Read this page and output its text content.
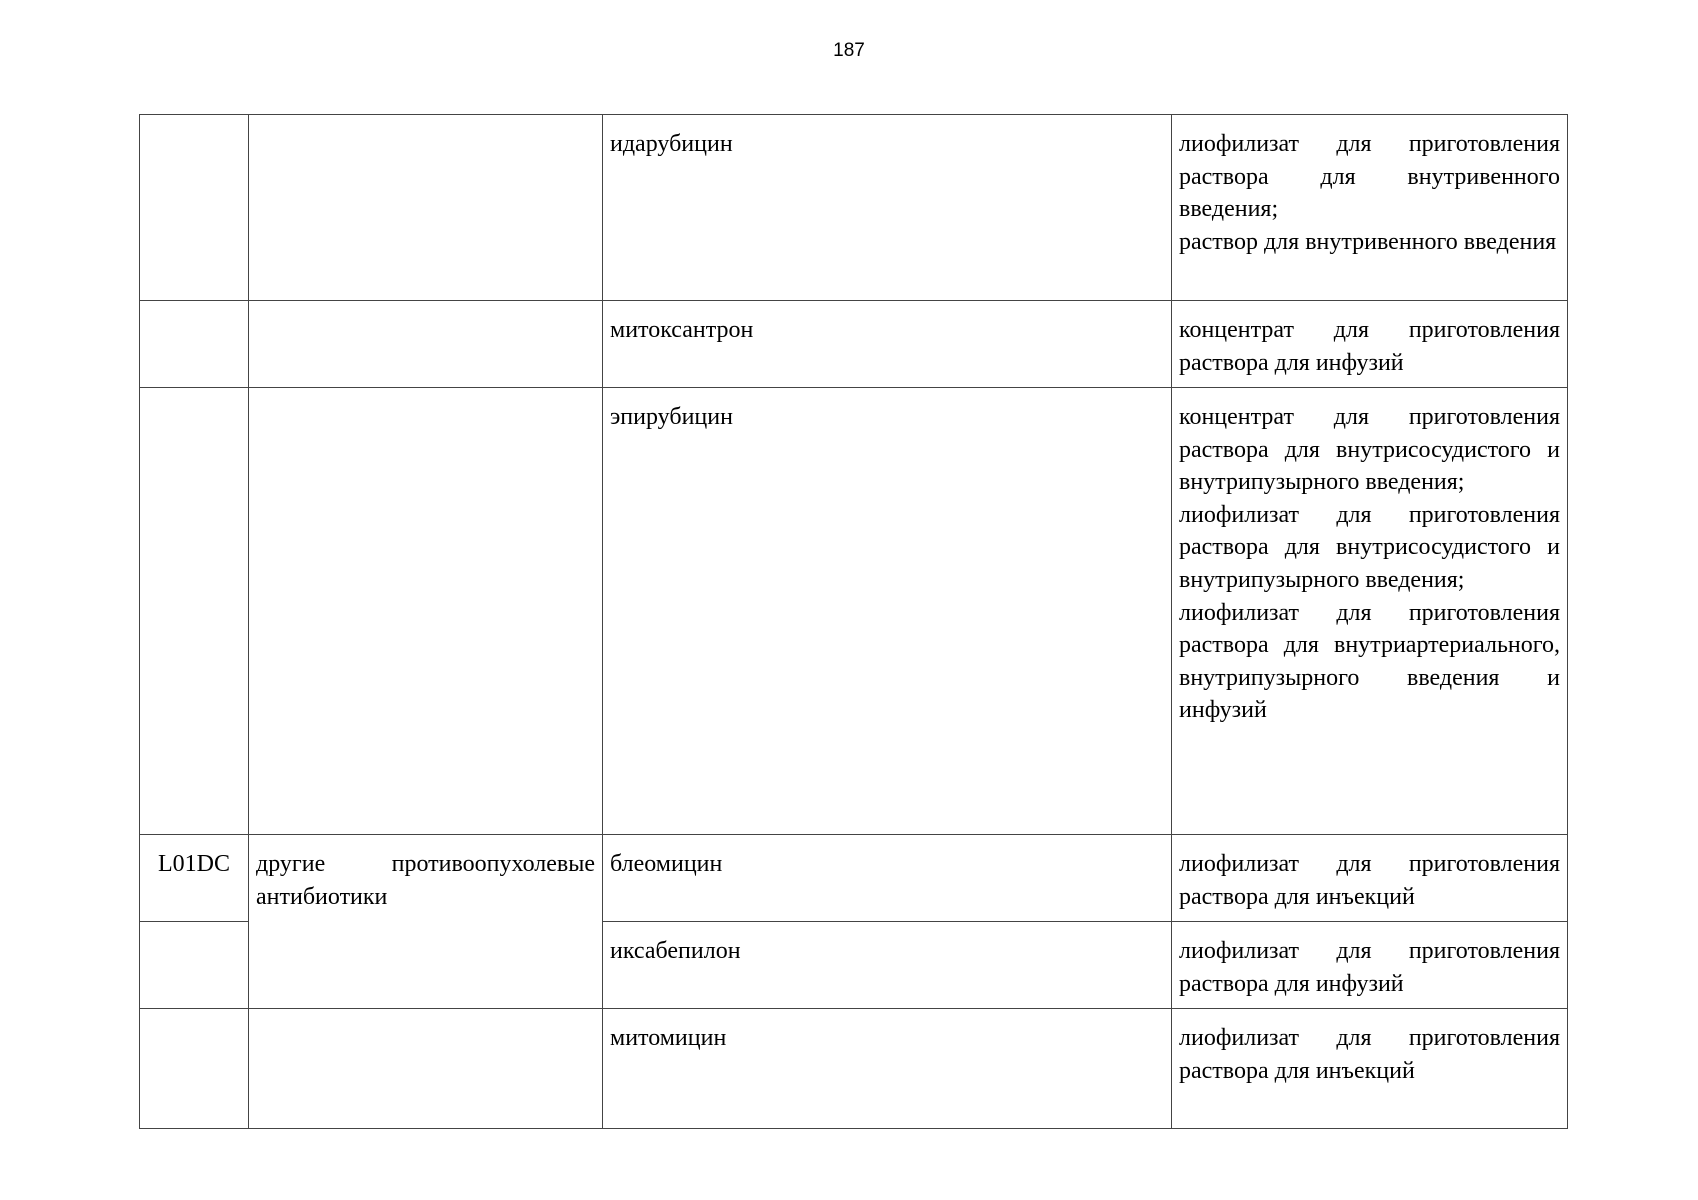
187
		идарубицин	лиофилизат для приготовления раствора для внутривенного введения;
раствор для внутривенного введения

		митоксантрон	концентрат для приготовления раствора для инфузий

		эпирубицин	концентрат для приготовления раствора для внутрисосудистого и внутрипузырного введения;
лиофилизат для приготовления раствора для внутрисосудистого и внутрипузырного введения;
лиофилизат для приготовления раствора для внутриартериального, внутрипузырного введения и инфузий

L01DC	другие противоопухолевые антибиотики	блеомицин	лиофилизат для приготовления раствора для инъекций

		иксабепилон	лиофилизат для приготовления раствора для инфузий

		митомицин	лиофилизат для приготовления раствора для инъекций
